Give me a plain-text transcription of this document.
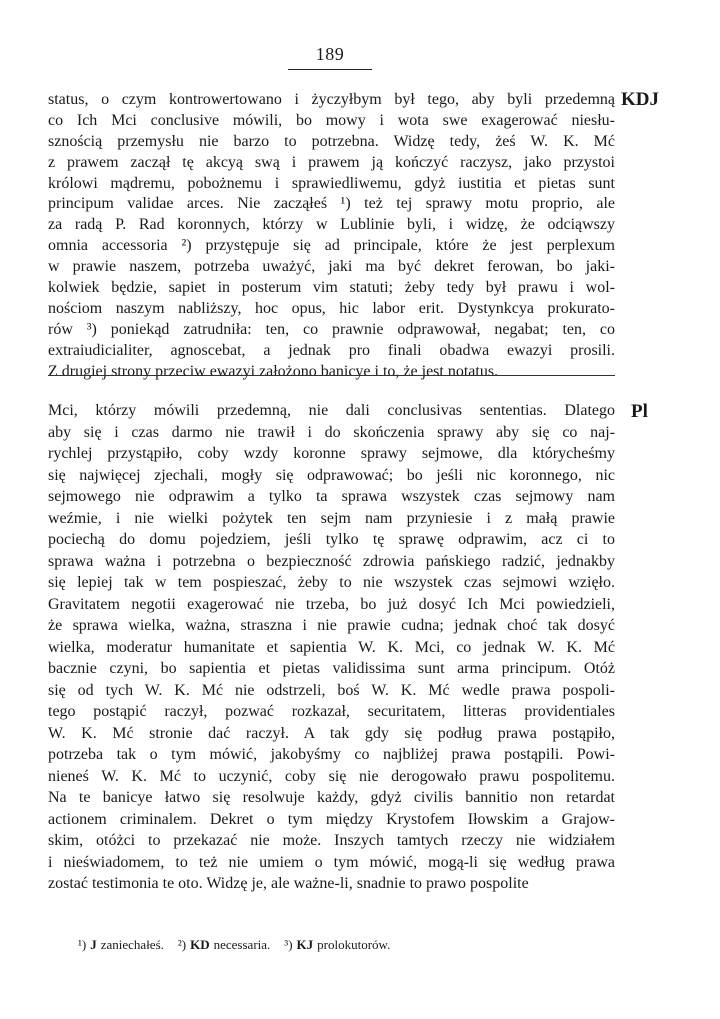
189
KDJ
status, o czym kontrowertowano i życzyłbym był tego, aby byli przedemną
co Ich Mci conclusive mówili, bo mowy i wota swe exagerować niesłu-
sznością przemysłu nie barzo to potrzebna. Widzę tedy, żeś W. K. Mć
z prawem zaczął tę akcyą swą i prawem ją kończyć raczysz, jako przystoi
królowi mądremu, pobożnemu i sprawiedliwemu, gdyż iustitia et pietas sunt
principum validae arces. Nie zacząłeś ¹) też tej sprawy motu proprio, ale
za radą P. Rad koronnych, którzy w Lublinie byli, i widzę, że odciąwszy
omnia accessoria ²) przystępuje się ad principale, które że jest perplexum
w prawie naszem, potrzeba uważyć, jaki ma być dekret ferowan, bo jaki-
kolwiek będzie, sapiet in posterum vim statuti; żeby tedy był prawu i wol-
nościom naszym nabliższy, hoc opus, hic labor erit. Dystynkcya prokurato-
rów ³) poniekąd zatrudniła: ten, co prawnie odprawował, negabat; ten, co
extraiudicialiter, agnoscebat, a jednak pro finali obadwa ewazyi prosili.
Z drugiej strony przeciw ewazyi założono banicye i to, że jest notatus.
Pl
Mci, którzy mówili przedemną, nie dali conclusivas sententias. Dlatego
aby się i czas darmo nie trawił i do skończenia sprawy aby się co naj-
rychlej przystąpiło, coby wzdy koronne sprawy sejmowe, dla którycheśmy
się najwięcej zjechali, mogły się odprawować; bo jeśli nic koronnego, nic
sejmowego nie odprawim a tylko ta sprawa wszystek czas sejmowy nam
weźmie, i nie wielki pożytek ten sejm nam przyniesie i z małą prawie
pociechą do domu pojedziem, jeśli tylko tę sprawę odprawim, acz ci to
sprawa ważna i potrzebna o bezpieczność zdrowia pańskiego radzić, jednakby
się lepiej tak w tem pospieszać, żeby to nie wszystek czas sejmowi wzięło.
Gravitatem negotii exagerować nie trzeba, bo już dosyć Ich Mci powiedzieli,
że sprawa wielka, ważna, straszna i nie prawie cudna; jednak choć tak dosyć
wielka, moderatur humanitate et sapientia W. K. Mci, co jednak W. K. Mć
bacznie czyni, bo sapientia et pietas validissima sunt arma principum. Otóż
się od tych W. K. Mć nie odstrzeli, boś W. K. Mć wedle prawa pospoli-
tego postąpić raczył, pozwać rozkazał, securitatem, litteras providentiales
W. K. Mć stronie dać raczył. A tak gdy się podług prawa postąpiło,
potrzeba tak o tym mówić, jakobyśmy co najbliżej prawa postąpili. Powi-
nieneś W. K. Mć to uczynić, coby się nie derogowało prawu pospolitemu.
Na te banicye łatwo się resolwuje każdy, gdyż civilis bannitio non retardat
actionem criminalem. Dekret o tym między Krystofem Iłowskim a Grajow-
skim, otóżci to przekazać nie może. Inszych tamtych rzeczy nie widziałem
i nieświadomem, to też nie umiem o tym mówić, mogą-li się według prawa
zostać testimonia te oto. Widzę je, ale ważne-li, snadnie to prawo pospolite
¹) J zaniechałeś. ²) KD necessaria. ³) KJ prolokutorów.
